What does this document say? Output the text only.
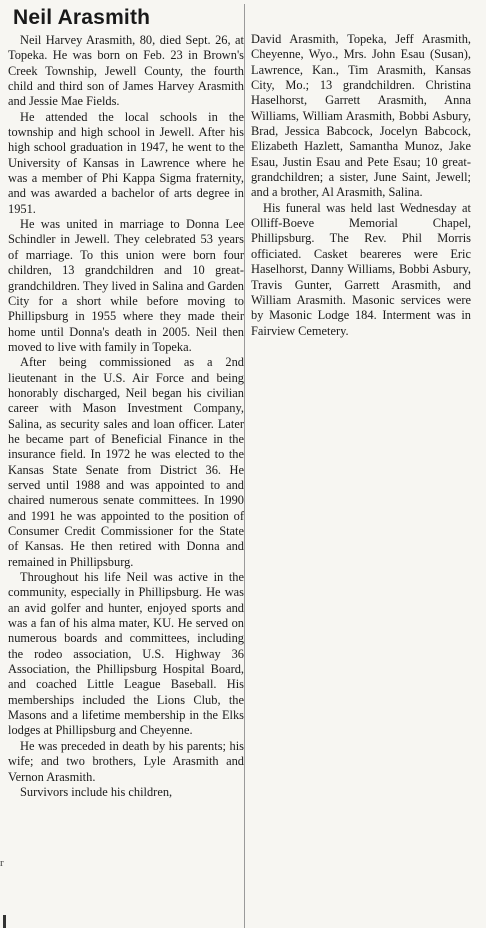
Neil Arasmith

Neil Harvey Arasmith, 80, died Sept. 26, at Topeka. He was born on Feb. 23 in Brown's Creek Township, Jewell County, the fourth child and third son of James Harvey Arasmith and Jessie Mae Fields.

He attended the local schools in the township and high school in Jewell. After his high school graduation in 1947, he went to the University of Kansas in Lawrence where he was a member of Phi Kappa Sigma fraternity, and was awarded a bachelor of arts degree in 1951.

He was united in marriage to Donna Lee Schindler in Jewell. They celebrated 53 years of marriage. To this union were born four children, 13 grandchildren and 10 great-grandchildren. They lived in Salina and Garden City for a short while before moving to Phillipsburg in 1955 where they made their home until Donna's death in 2005. Neil then moved to live with family in Topeka.

After being commissioned as a 2nd lieutenant in the U.S. Air Force and being honorably discharged, Neil began his civilian career with Mason Investment Company, Salina, as security sales and loan officer. Later he became part of Beneficial Finance in the insurance field. In 1972 he was elected to the Kansas State Senate from District 36. He served until 1988 and was appointed to and chaired numerous senate committees. In 1990 and 1991 he was appointed to the position of Consumer Credit Commissioner for the State of Kansas. He then retired with Donna and remained in Phillipsburg.

Throughout his life Neil was active in the community, especially in Phillipsburg. He was an avid golfer and hunter, enjoyed sports and was a fan of his alma mater, KU. He served on numerous boards and committees, including the rodeo association, U.S. Highway 36 Association, the Phillipsburg Hospital Board, and coached Little League Baseball. His memberships included the Lions Club, the Masons and a lifetime membership in the Elks lodges at Phillipsburg and Cheyenne.

He was preceded in death by his parents; his wife; and two brothers, Lyle Arasmith and Vernon Arasmith.

Survivors include his children,

David Arasmith, Topeka, Jeff Arasmith, Cheyenne, Wyo., Mrs. John Esau (Susan), Lawrence, Kan., Tim Arasmith, Kansas City, Mo.; 13 grandchildren. Christina Haselhorst, Garrett Arasmith, Anna Williams, William Arasmith, Bobbi Asbury, Brad, Jessica Babcock, Jocelyn Babcock, Elizabeth Hazlett, Samantha Munoz, Jake Esau, Justin Esau and Pete Esau; 10 great-grandchildren; a sister, June Saint, Jewell; and a brother, Al Arasmith, Salina.

His funeral was held last Wednesday at Olliff-Boeve Memorial Chapel, Phillipsburg. The Rev. Phil Morris officiated. Casket beareres were Eric Haselhorst, Danny Williams, Bobbi Asbury, Travis Gunter, Garrett Arasmith, and William Arasmith. Masonic services were by Masonic Lodge 184. Interment was in Fairview Cemetery.

r
